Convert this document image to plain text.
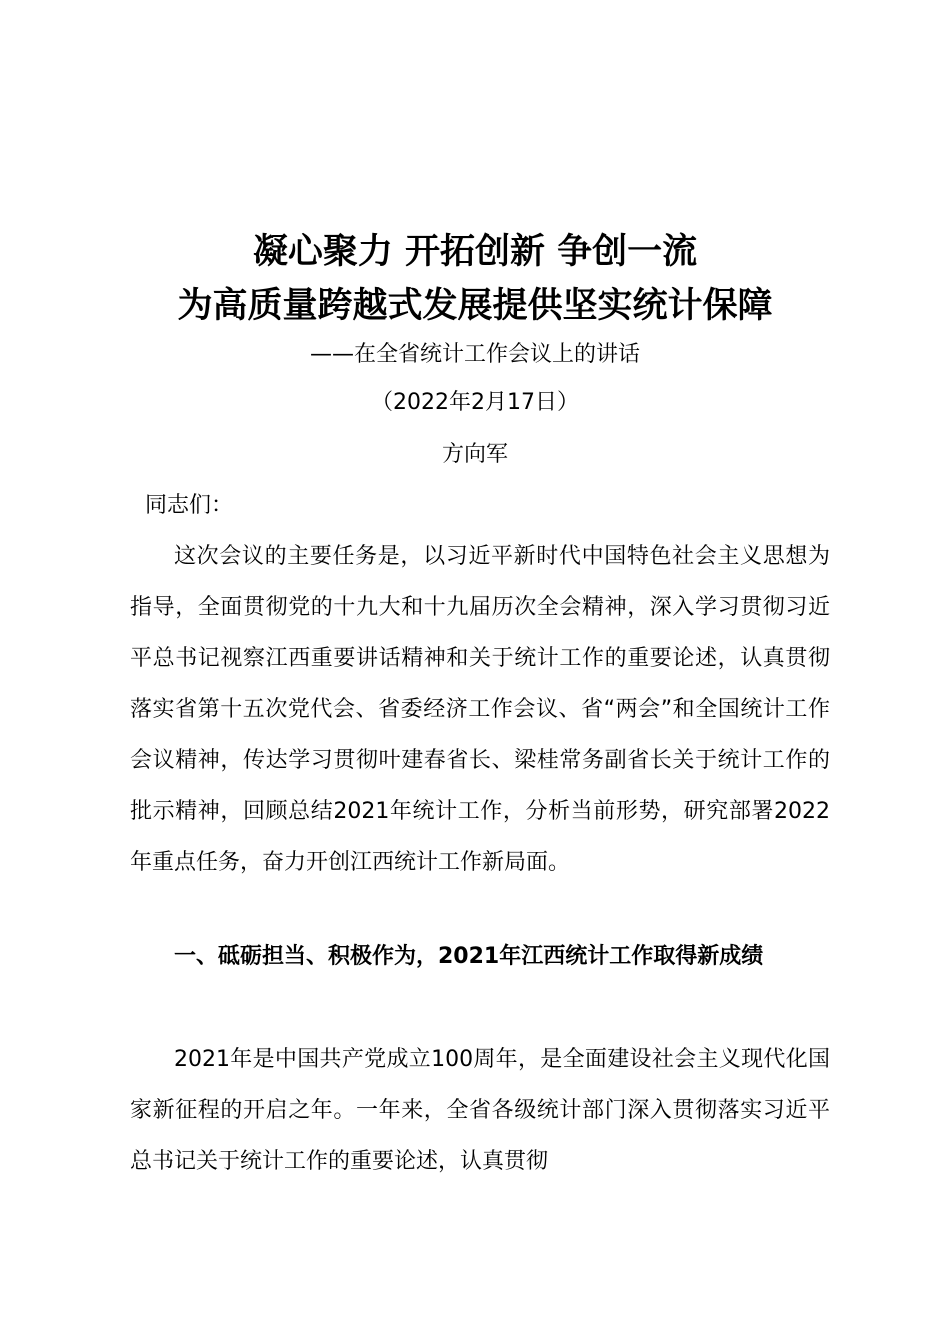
凝心聚力 开拓创新 争创一流
为高质量跨越式发展提供坚实统计保障
——在全省统计工作会议上的讲话
（2022年2月17日）
方向军
同志们：

这次会议的主要任务是，以习近平新时代中国特色社会主义思想为指导，全面贯彻党的十九大和十九届历次全会精神，深入学习贯彻习近平总书记视察江西重要讲话精神和关于统计工作的重要论述，认真贯彻落实省第十五次党代会、省委经济工作会议、省“两会”和全国统计工作会议精神，传达学习贯彻叶建春省长、梁桂常务副省长关于统计工作的批示精神，回顾总结2021年统计工作，分析当前形势，研究部署2022年重点任务，奋力开创江西统计工作新局面。

一、砥砺担当、积极作为，2021年江西统计工作取得新成绩

2021年是中国共产党成立100周年，是全面建设社会主义现代化国家新征程的开启之年。一年来，全省各级统计部门深入贯彻落实习近平总书记关于统计工作的重要论述，认真贯彻
